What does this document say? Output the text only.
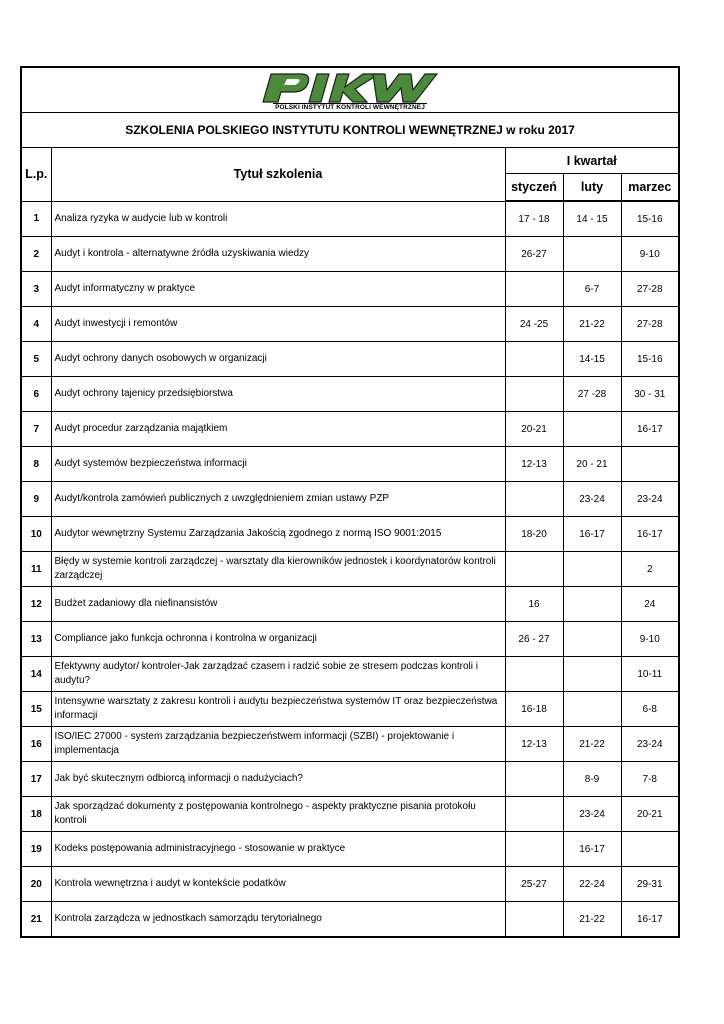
POLSKI INSTYTUT KONTROLI WEWNĘTRZNEJ				

SZKOLENIA POLSKIEGO INSTYTUTU KONTROLI WEWNĘTRZNEJ w roku 2017				
L.p.	Tytuł szkolenia	I kwartał		
		styczeń	luty	marzec
1	Analiza ryzyka w audycie lub w kontroli	17 - 18	14 - 15	15-16
2	Audyt i kontrola - alternatywne źródła uzyskiwania wiedzy	26-27		9-10
3	Audyt informatyczny w praktyce		6-7	27-28
4	Audyt inwestycji i remontów	24 -25	21-22	27-28
5	Audyt ochrony danych osobowych w organizacji		14-15	15-16
6	Audyt ochrony tajenicy przedsiębiorstwa		27 -28	30 - 31
7	Audyt procedur zarządzania majątkiem	20-21		16-17
8	Audyt systemów bezpieczeństwa informacji	12-13	20 - 21	
9	Audyt/kontrola zamówień publicznych z uwzględnieniem zmian ustawy PZP		23-24	23-24
10	Audytor wewnętrzny Systemu Zarządzania Jakością zgodnego z normą ISO 9001:2015	18-20	16-17	16-17
11	Błędy w systemie kontroli zarządczej - warsztaty dla kierowników jednostek i koordynatorów kontroli zarządczej			2
12	Budżet zadaniowy dla niefinansistów	16		24
13	Compliance jako funkcja ochronna i kontrolna w organizacji	26 - 27		9-10
14	Efektywny audytor/ kontroler-Jak zarządzać czasem i radzić sobie ze stresem podczas kontroli i audytu?			10-11
15	Intensywne warsztaty z zakresu kontroli i audytu bezpieczeństwa systemów IT oraz bezpieczeństwa informacji	16-18		6-8
16	ISO/IEC 27000 - system zarządzania bezpieczeństwem informacji (SZBI) - projektowanie i implementacja	12-13	21-22	23-24
17	Jak być skutecznym odbiorcą informacji o nadużyciach?		8-9	7-8
18	Jak sporządzać dokumenty z postępowania kontrolnego - aspekty praktyczne pisania protokołu kontroli		23-24	20-21
19	Kodeks postępowania administracyjnego - stosowanie w praktyce		16-17	
20	Kontrola wewnętrzna i audyt w kontekście podatków	25-27	22-24	29-31
21	Kontrola zarządcza w jednostkach samorządu terytorialnego		21-22	16-17
